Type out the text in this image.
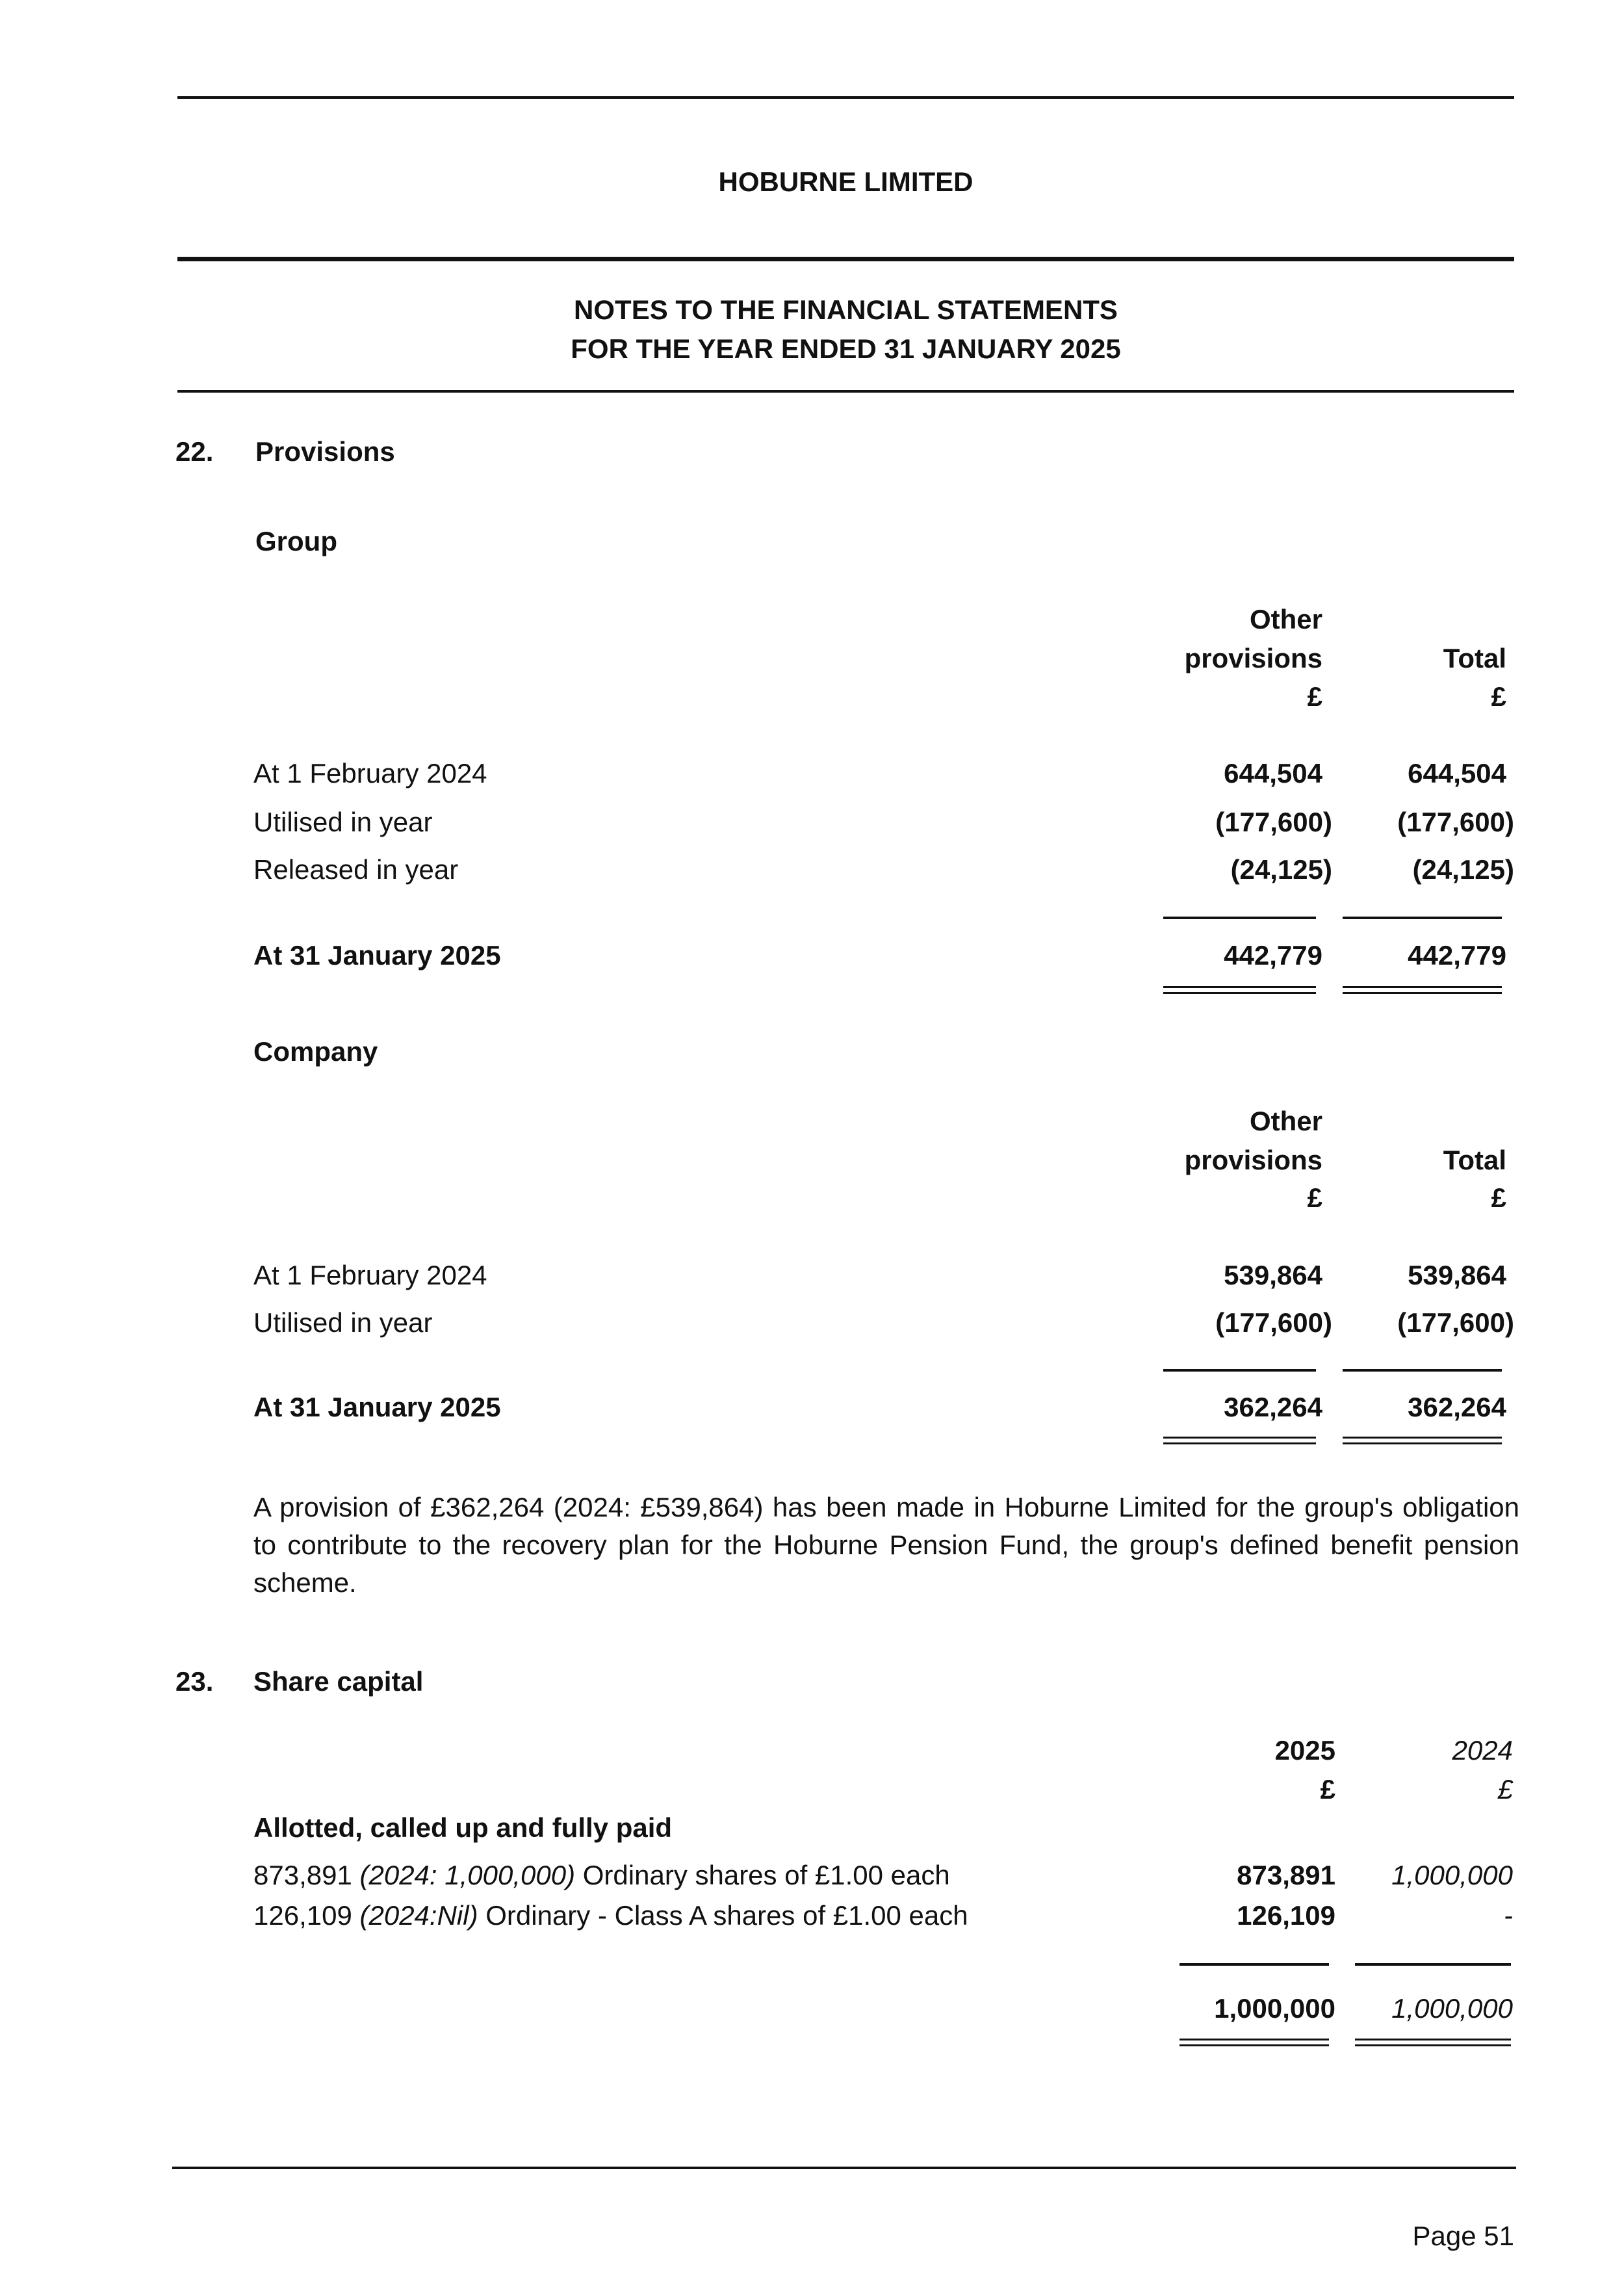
HOBURNE LIMITED
NOTES TO THE FINANCIAL STATEMENTS
FOR THE YEAR ENDED 31 JANUARY 2025
22. Provisions
Group
Other
provisions	Total
£	£
At 1 February 2024	644,504	644,504
Utilised in year	(177,600)	(177,600)
Released in year	(24,125)	(24,125)
At 31 January 2025	442,779	442,779
Company
Other
provisions	Total
£	£
At 1 February 2024	539,864	539,864
Utilised in year	(177,600)	(177,600)
At 31 January 2025	362,264	362,264
A provision of £362,264 (2024: £539,864) has been made in Hoburne Limited for the group's obligation to contribute to the recovery plan for the Hoburne Pension Fund, the group's defined benefit pension scheme.
23. Share capital
2025	2024
£	£
Allotted, called up and fully paid
873,891 (2024: 1,000,000) Ordinary shares of £1.00 each	873,891	1,000,000
126,109 (2024:Nil) Ordinary - Class A shares of £1.00 each	126,109	-
1,000,000	1,000,000
Page 51
